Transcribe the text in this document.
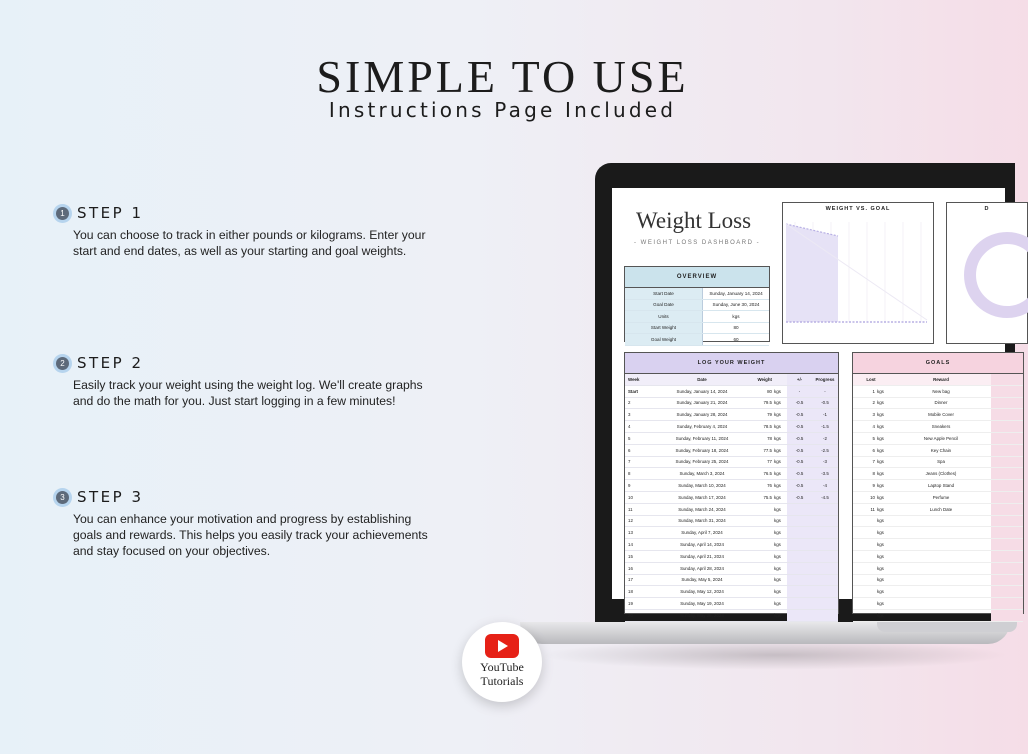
SIMPLE TO USE
Instructions Page Included
1 STEP 1
You can choose to track in either pounds or kilograms. Enter your start and end dates, as well as your starting and goal weights.
2 STEP 2
Easily track your weight using the weight log. We'll create graphs and do the math for you. Just start logging in a few minutes!
3 STEP 3
You can enhance your motivation and progress by establishing goals and rewards. This helps you easily track your achievements and stay focused on your objectives.
Weight Loss
- WEIGHT LOSS DASHBOARD -
OVERVIEW
Start Date	Sunday, January 14, 2024
Goal Date	Sunday, June 30, 2024
Units	kgs
Start Weight	80
Goal Weight	60
WEIGHT VS. GOAL	D
LOG YOUR WEIGHT
Week	Date	Weight	+/-	Progress
Start	Sunday, January 14, 2024	80 kgs	-	-
2	Sunday, January 21, 2024	79.5 kgs	-0.5	-0.5
3	Sunday, January 28, 2024	79 kgs	-0.5	-1
4	Sunday, February 4, 2024	78.5 kgs	-0.5	-1.5
5	Sunday, February 11, 2024	78 kgs	-0.5	-2
6	Sunday, February 18, 2024	77.5 kgs	-0.5	-2.5
7	Sunday, February 25, 2024	77 kgs	-0.5	-3
8	Sunday, March 3, 2024	76.5 kgs	-0.5	-3.5
9	Sunday, March 10, 2024	76 kgs	-0.5	-4
10	Sunday, March 17, 2024	75.5 kgs	-0.5	-4.5
11	Sunday, March 24, 2024	kgs
12	Sunday, March 31, 2024	kgs
13	Sunday, April 7, 2024	kgs
14	Sunday, April 14, 2024	kgs
15	Sunday, April 21, 2024	kgs
16	Sunday, April 28, 2024	kgs
17	Sunday, May 5, 2024	kgs
18	Sunday, May 12, 2024	kgs
19	Sunday, May 19, 2024	kgs
20	Sunday, May 26, 2024	kgs
GOALS
Lost	Reward
1 kgs	New bag
2 kgs	Dinner
3 kgs	Mobile Cover
4 kgs	Sneakers
5 kgs	New Apple Pencil
6 kgs	Key Chain
7 kgs	Spa
8 kgs	Jeans (Clothes)
9 kgs	Laptop Stand
10 kgs	Perfume
11 kgs	Lunch Date
kgs
kgs
kgs
kgs
kgs
kgs
kgs
kgs
kgs
YouTube
Tutorials
